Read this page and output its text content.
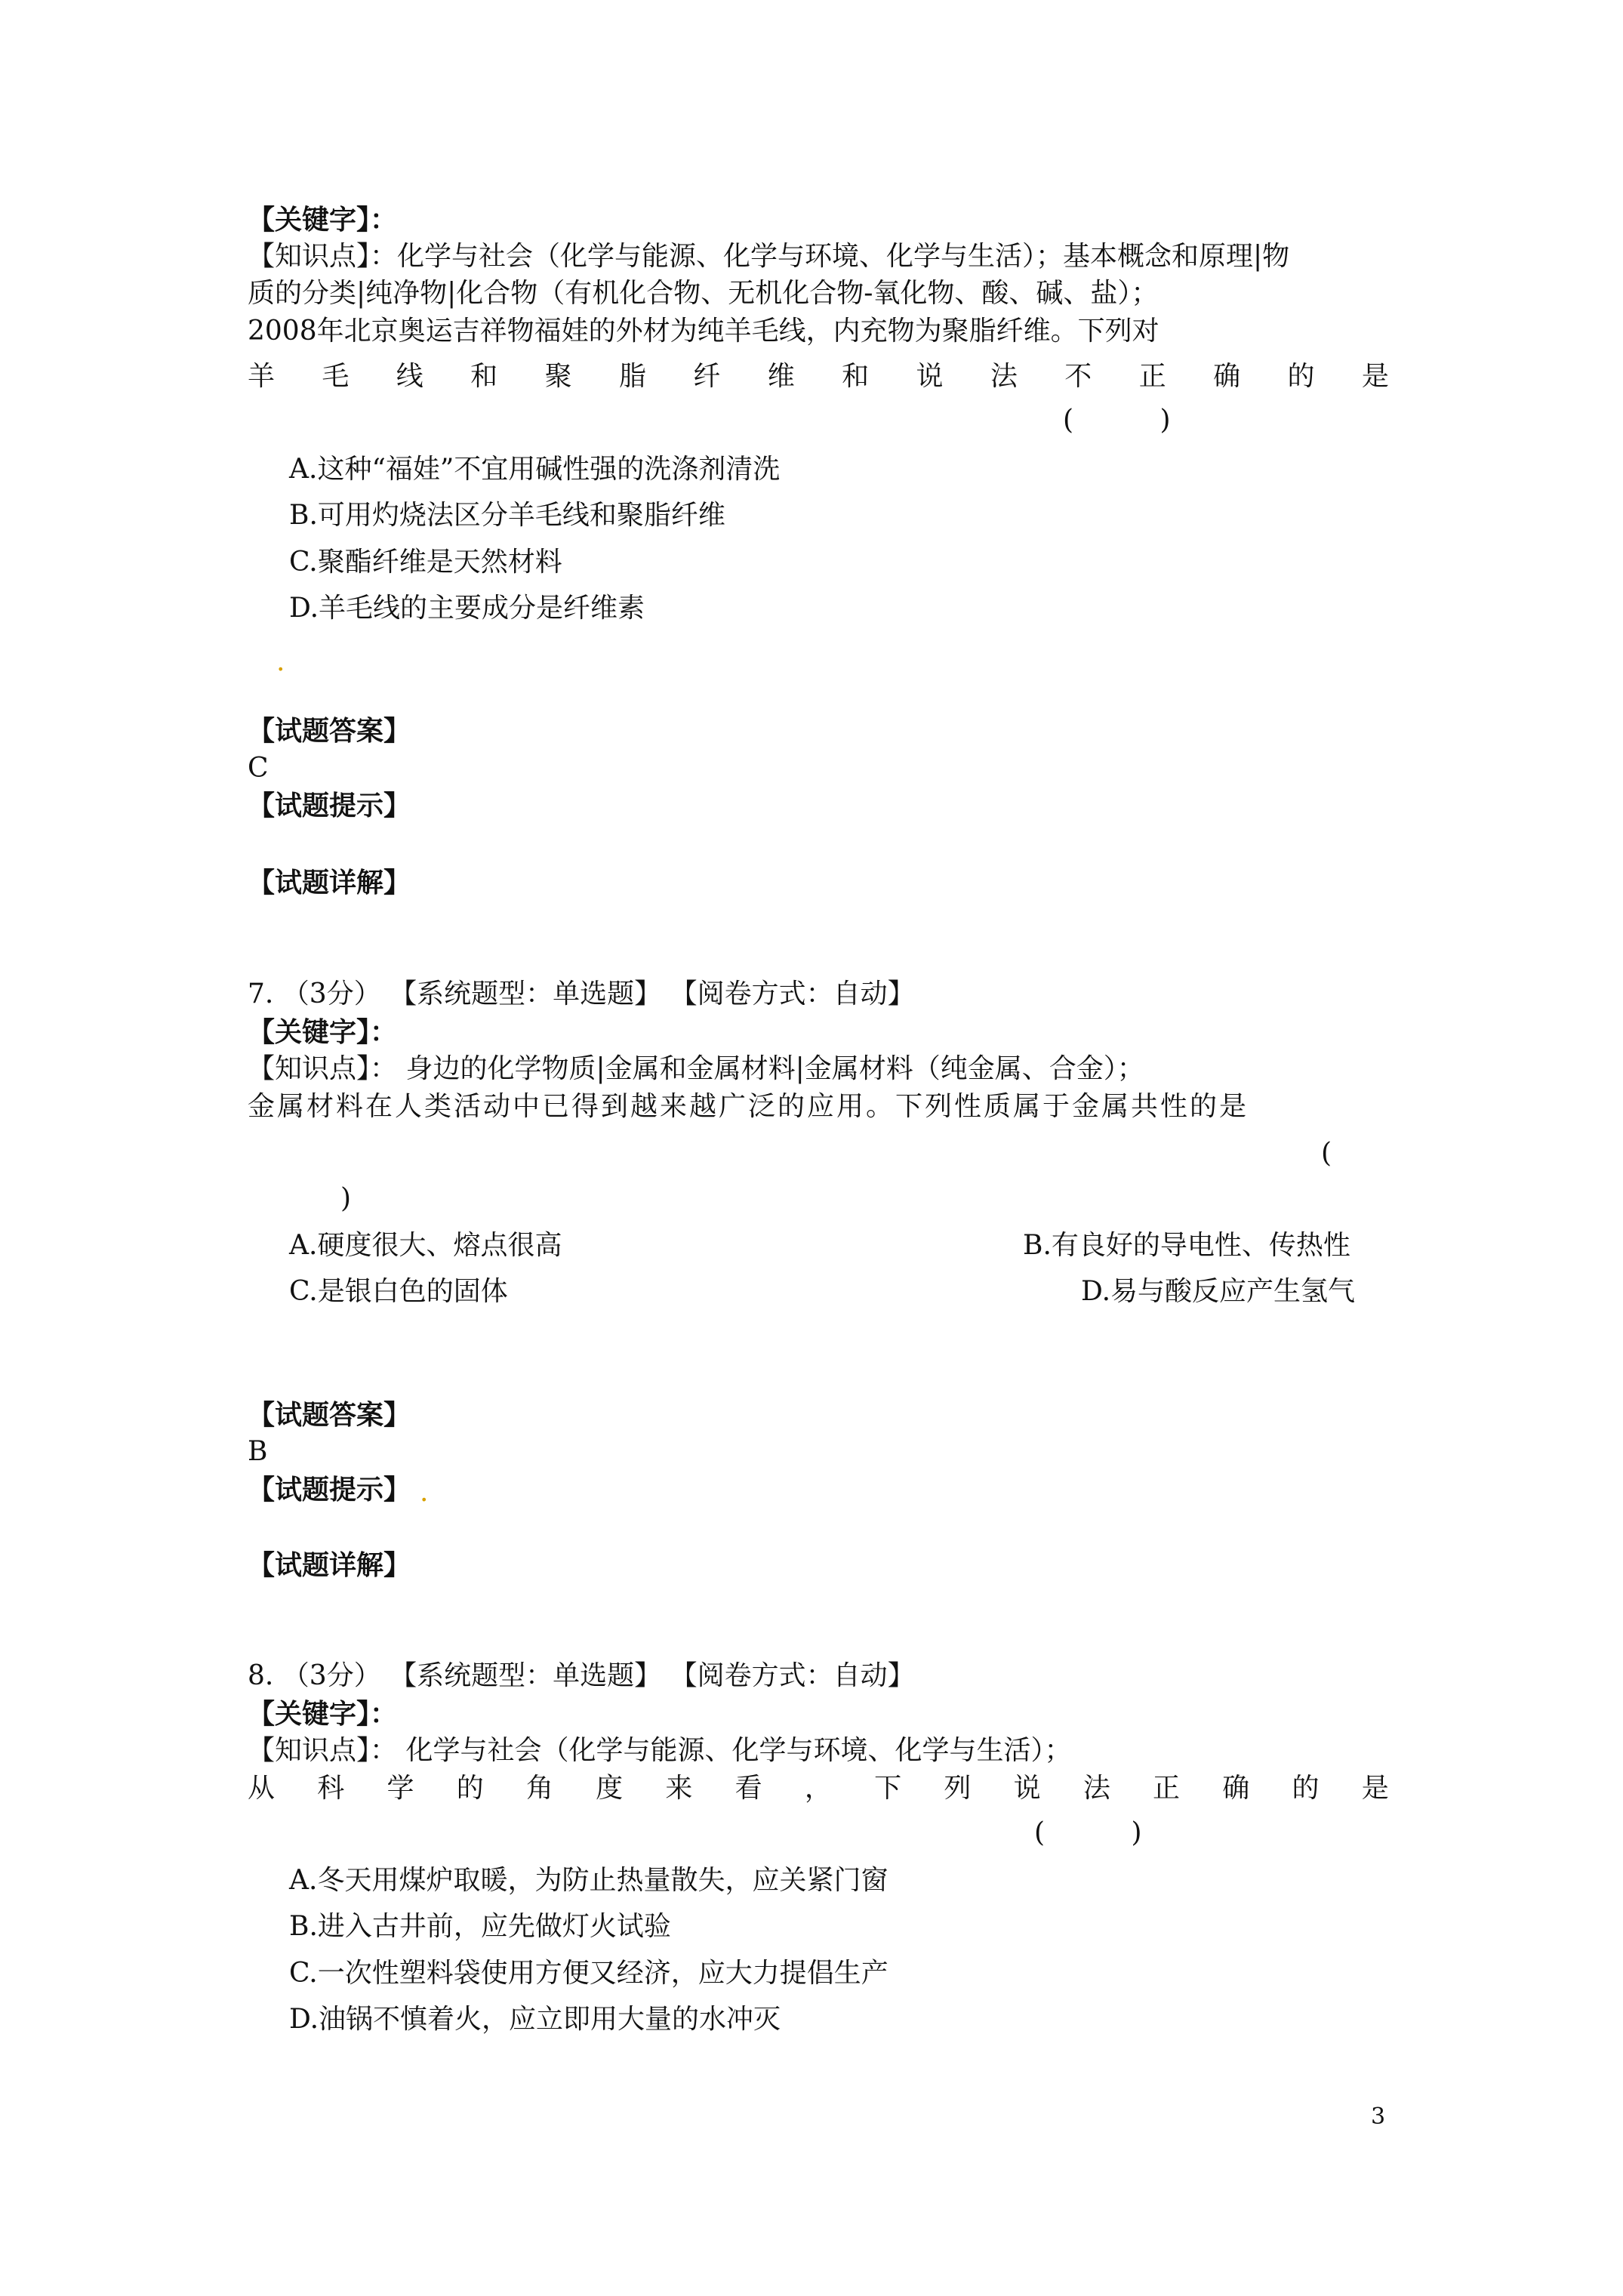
【关键字】：
【知识点】：化学与社会（化学与能源、化学与环境、化学与生活）；基本概念和原理|物
质的分类|纯净物|化合物（有机化合物、无机化合物-氧化物、酸、碱、盐）；
2008年北京奥运吉祥物福娃的外材为纯羊毛线，内充物为聚脂纤维。下列对
羊 毛 线 和 聚 脂 纤 维 和 说 法 不 正 确 的 是
(          )
A.这种“福娃”不宜用碱性强的洗涤剂清洗
B.可用灼烧法区分羊毛线和聚脂纤维
C.聚酯纤维是天然材料
D.羊毛线的主要成分是纤维素
.
【试题答案】
C
【试题提示】
【试题详解】
7. （3分） 【系统题型：单选题】 【阅卷方式：自动】
【关键字】：
【知识点】： 身边的化学物质|金属和金属材料|金属材料（纯金属、合金）；
金属材料在人类活动中已得到越来越广泛的应用。下列性质属于金属共性的是
(
)
A.硬度很大、熔点很高	B.有良好的导电性、传热性
C.是银白色的固体	D.易与酸反应产生氢气
【试题答案】
B
【试题提示】 .
【试题详解】
8. （3分） 【系统题型：单选题】 【阅卷方式：自动】
【关键字】：
【知识点】： 化学与社会（化学与能源、化学与环境、化学与生活）；
从 科 学 的 角 度 来 看 ， 下 列 说 法 正 确 的 是
(          )
A.冬天用煤炉取暖，为防止热量散失，应关紧门窗
B.进入古井前，应先做灯火试验
C.一次性塑料袋使用方便又经济，应大力提倡生产
D.油锅不慎着火，应立即用大量的水冲灭
3
